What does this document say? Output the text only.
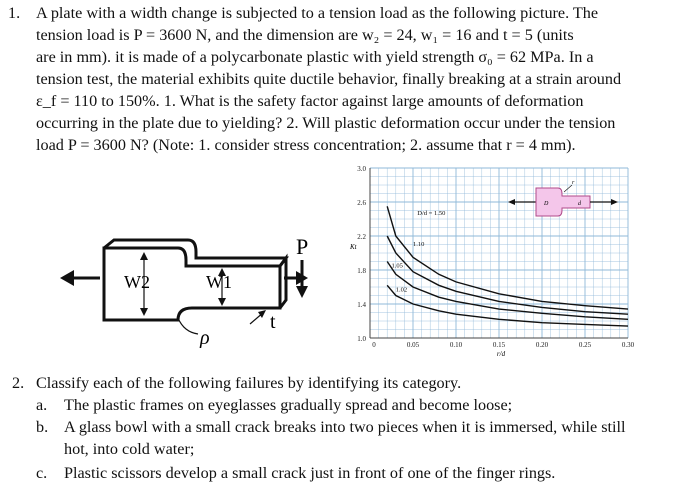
1. A plate with a width change is subjected to a tension load as the following picture. The
tension load is P = 3600 N, and the dimension are w₂ = 24, w₁ = 16 and t = 5 (units
are in mm). it is made of a polycarbonate plastic with yield strength σ₀ = 62 MPa. In a
tension test, the material exhibits quite ductile behavior, finally breaking at a strain around
ε_f = 110 to 150%. 1. What is the safety factor against large amounts of deformation
occurring in the plate due to yielding? 2. Will plastic deformation occur under the tension
load P = 3600 N? (Note: 1. consider stress concentration; 2. assume that r = 4 mm).
W2	W1
ρ
t
P
1.0
1.4
1.8
2.2
2.6
3.0
0	0.05	0.10	0.15	0.20	0.25	0.30
r/d
Kt
D/d = 1.50
1.10
1.05
1.02
D	d
r
2. Classify each of the following failures by identifying its category.
a. The plastic frames on eyeglasses gradually spread and become loose;
b. A glass bowl with a small crack breaks into two pieces when it is immersed, while still
hot, into cold water;
c. Plastic scissors develop a small crack just in front of one of the finger rings.
